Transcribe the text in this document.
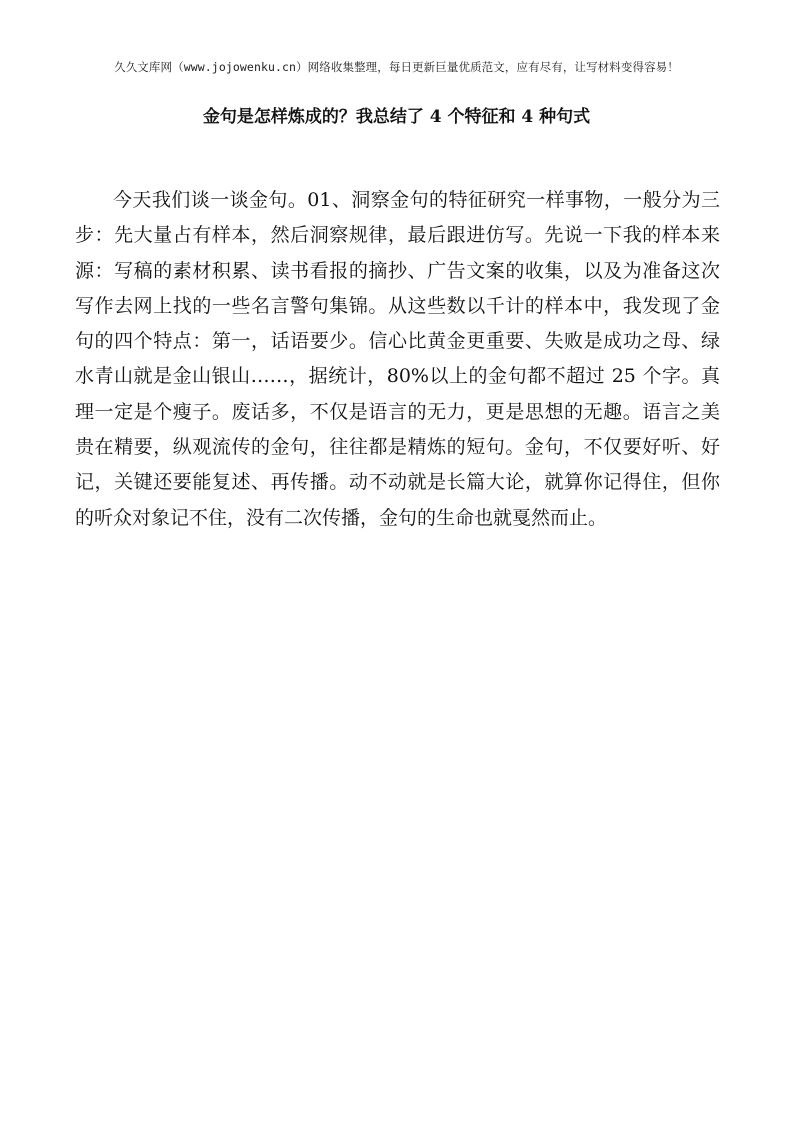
久久文库网（www.jojowenku.cn）网络收集整理，每日更新巨量优质范文，应有尽有，让写材料变得容易！
金句是怎样炼成的？我总结了 4 个特征和 4 种句式

今天我们谈一谈金句。01、洞察金句的特征研究一样事物，一般分为三步：先大量占有样本，然后洞察规律，最后跟进仿写。先说一下我的样本来源：写稿的素材积累、读书看报的摘抄、广告文案的收集，以及为准备这次写作去网上找的一些名言警句集锦。从这些数以千计的样本中，我发现了金句的四个特点：第一，话语要少。信心比黄金更重要、失败是成功之母、绿水青山就是金山银山……，据统计，80%以上的金句都不超过 25 个字。真理一定是个瘦子。废话多，不仅是语言的无力，更是思想的无趣。语言之美贵在精要，纵观流传的金句，往往都是精炼的短句。金句，不仅要好听、好记，关键还要能复述、再传播。动不动就是长篇大论，就算你记得住，但你的听众对象记不住，没有二次传播，金句的生命也就戛然而止。
